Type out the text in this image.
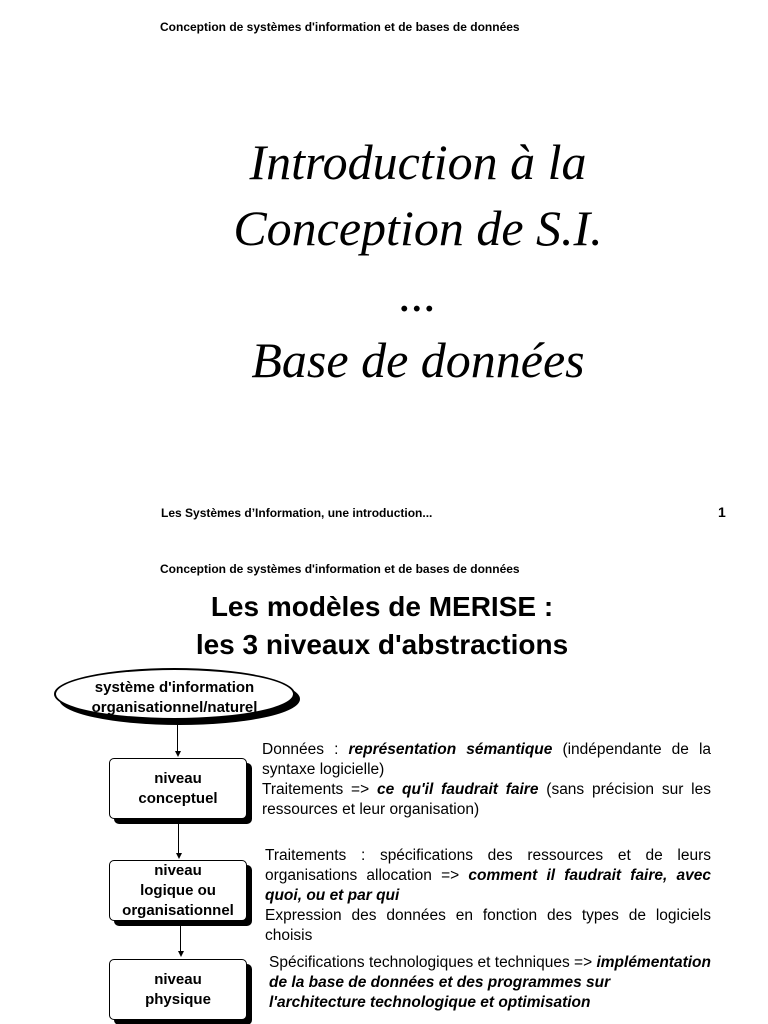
Conception de systèmes d'information et de bases de données
Introduction à la
Conception de S.I.
...
Base de données
Les Systèmes d’Information, une introduction...	1
Conception de systèmes d'information et de bases de données
Les modèles de MERISE :
les 3 niveaux d'abstractions
système d'information
organisationnel/naturel
niveau
conceptuel
niveau
logique ou
organisationnel
niveau
physique
Données : représentation sémantique (indépendante de la syntaxe logicielle)
Traitements => ce qu'il faudrait faire (sans précision sur les ressources et leur organisation)
Traitements : spécifications des ressources et de leurs organisations allocation => comment il faudrait faire, avec quoi, ou et par qui
Expression des données en fonction des types de logiciels choisis
Spécifications technologiques et techniques => implémentation de la base de données et des programmes sur l'architecture technologique et optimisation
